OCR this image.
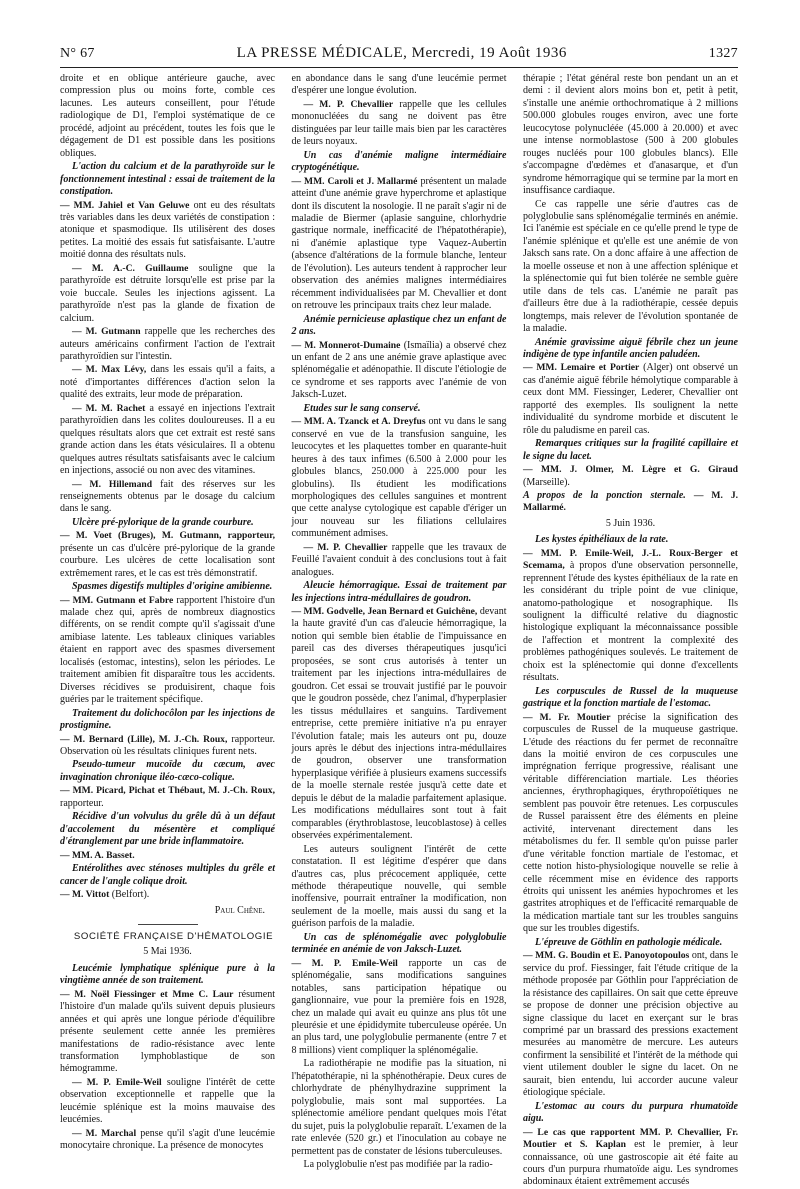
N° 67	LA PRESSE MÉDICALE, Mercredi, 19 Août 1936	1327

droite et en oblique antérieure gauche, avec compression plus ou moins forte, comble ces lacunes. Les auteurs conseillent, pour l'étude radiologique de D1, l'emploi systématique de ce procédé, adjoint au précédent, toutes les fois que le dégagement de D1 est possible dans les positions obliques.

L'action du calcium et de la parathyroïde sur le fonctionnement intestinal : essai de traitement de la constipation.

— MM. Jahiel et Van Geluwe ont eu des résultats très variables dans les deux variétés de constipation : atonique et spasmodique. Ils utilisèrent des doses petites. La moitié des essais fut satisfaisante. L'autre moitié donna des résultats nuls.

— M. A.-C. Guillaume souligne que la parathyroïde est détruite lorsqu'elle est prise par la voie buccale. Seules les injections agissent. La parathyroïde n'est pas la glande de fixation de calcium.

— M. Gutmann rappelle que les recherches des auteurs américains confirment l'action de l'extrait parathyroïdien sur l'intestin.

— M. Max Lévy, dans les essais qu'il a faits, a noté d'importantes différences d'action selon la qualité des extraits, leur mode de préparation.

— M. M. Rachet a essayé en injections l'extrait parathyroïdien dans les colites douloureuses. Il a eu quelques résultats alors que cet extrait est resté sans grande action dans les états vésiculaires. Il a obtenu quelques autres résultats satisfaisants avec le calcium en injections, associé ou non avec des vitamines.

— M. Hillemand fait des réserves sur les renseignements obtenus par le dosage du calcium dans le sang.

Ulcère pré-pylorique de la grande courbure.

— M. Voet (Bruges), M. Gutmann, rapporteur, présente un cas d'ulcère pré-pylorique de la grande courbure. Les ulcères de cette localisation sont extrêmement rares, et le cas est très démonstratif.

Spasmes digestifs multiples d'origine amibienne.

— MM. Gutmann et Fabre rapportent l'histoire d'un malade chez qui, après de nombreux diagnostics différents, on se rendit compte qu'il s'agissait d'une amibiase latente. Les tableaux cliniques variables étaient en rapport avec des spasmes diversement localisés (estomac, intestins), selon les périodes. Le traitement amibien fit disparaître tous les accidents. Diverses récidives se produisirent, chaque fois guéries par le traitement spécifique.

Traitement du dolichocôlon par les injections de prostigmine.

— M. Bernard (Lille), M. J.-Ch. Roux, rapporteur. Observation où les résultats cliniques furent nets.

Pseudo-tumeur mucoïde du cæcum, avec invagination chronique iléo-cæco-colique.

— MM. Picard, Pichat et Thébaut, M. J.-Ch. Roux, rapporteur.

Récidive d'un volvulus du grêle dû à un défaut d'accolement du mésentère et compliqué d'étranglement par une bride inflammatoire.

— MM. A. Basset.

Entérolithes avec sténoses multiples du grêle et cancer de l'angle colique droit.

— M. Vittot (Belfort).

Paul Chêne.

SOCIÉTÉ FRANÇAISE D'HÉMATOLOGIE

5 Mai 1936.

Leucémie lymphatique splénique pure à la vingtième année de son traitement.

— M. Noël Fiessinger et Mme C. Laur résument l'histoire d'un malade qu'ils suivent depuis plusieurs années et qui après une longue période d'équilibre présente seulement cette année les premières manifestations de radio-résistance avec lente transformation lymphoblastique de son hémogramme.

— M. P. Emile-Weil souligne l'intérêt de cette observation exceptionnelle et rappelle que la leucémie splénique est la moins mauvaise des leucémies.

— M. Marchal pense qu'il s'agit d'une leucémie monocytaire chronique. La présence de monocytes

en abondance dans le sang d'une leucémie permet d'espérer une longue évolution.

— M. P. Chevallier rappelle que les cellules mononucléées du sang ne doivent pas être distinguées par leur taille mais bien par les caractères de leurs noyaux.

Un cas d'anémie maligne intermédiaire cryptogénétique.

— MM. Caroli et J. Mallarmé présentent un malade atteint d'une anémie grave hyperchrome et aplastique dont ils discutent la nosologie. Il ne paraît s'agir ni de maladie de Biermer (aplasie sanguine, chlorhydrie gastrique normale, inefficacité de l'hépatothérapie), ni d'anémie aplastique type Vaquez-Aubertin (absence d'altérations de la formule blanche, lenteur de l'évolution). Les auteurs tendent à rapprocher leur observation des anémies malignes intermédiaires récemment individualisées par M. Chevallier et dont on retrouve les principaux traits chez leur malade.

Anémie pernicieuse aplastique chez un enfant de 2 ans.

— M. Monnerot-Dumaine (Ismaïlia) a observé chez un enfant de 2 ans une anémie grave aplastique avec splénomégalie et adénopathie. Il discute l'étiologie de ce syndrome et ses rapports avec l'anémie de von Jaksch-Luzet.

Etudes sur le sang conservé.

— MM. A. Tzanck et A. Dreyfus ont vu dans le sang conservé en vue de la transfusion sanguine, les leucocytes et les plaquettes tomber en quarante-huit heures à des taux infimes (6.500 à 2.000 pour les globules blancs, 250.000 à 225.000 pour les globulins). Ils étudient les modifications morphologiques des cellules sanguines et montrent que cette analyse cytologique est capable d'ériger un jour nouveau sur les filiations cellulaires communément admises.

— M. P. Chevallier rappelle que les travaux de Feuillé l'avaient conduit à des conclusions tout à fait analogues.

Aleucie hémorragique. Essai de traitement par les injections intra-médullaires de goudron.

— MM. Godvelle, Jean Bernard et Guichêne, devant la haute gravité d'un cas d'aleucie hémorragique, la notion qui semble bien établie de l'impuissance en pareil cas des diverses thérapeutiques jusqu'ici proposées, se sont crus autorisés à tenter un traitement par les injections intra-médullaires de goudron. Cet essai se trouvait justifié par le pouvoir que le goudron possède, chez l'animal, d'hyperplasier les tissus médullaires et sanguins. Tardivement entreprise, cette première initiative n'a pu enrayer l'évolution fatale; mais les auteurs ont pu, douze jours après le début des injections intra-médullaires de goudron, observer une transformation hyperplasique vérifiée à plusieurs examens successifs de la moelle sternale restée jusqu'à cette date et depuis le début de la maladie parfaitement aplasique. Les modifications médullaires sont tout à fait comparables (érythroblastose, leucoblastose) à celles observées expérimentalement.

Les auteurs soulignent l'intérêt de cette constatation. Il est légitime d'espérer que dans d'autres cas, plus précocement appliquée, cette méthode thérapeutique nouvelle, qui semble inoffensive, pourrait entraîner la modification, non seulement de la moelle, mais aussi du sang et la guérison parfois de la maladie.

Un cas de splénomégalie avec polyglobulie terminée en anémie de von Jaksch-Luzet.

— M. P. Emile-Weil rapporte un cas de splénomégalie, sans modifications sanguines notables, sans participation hépatique ou ganglionnaire, vue pour la première fois en 1928, chez un malade qui avait eu quinze ans plus tôt une pleurésie et une épididymite tuberculeuse opérée. Un an plus tard, une polyglobulie permanente (entre 7 et 8 millions) vient compliquer la splénomégalie.

La radiothérapie ne modifie pas la situation, ni l'hépatothérapie, ni la sphénothérapie. Deux cures de chlorhydrate de phénylhydrazine suppriment la polyglobulie, mais sont mal supportées. La splénectomie améliore pendant quelques mois l'état du sujet, puis la polyglobulie reparaît. L'examen de la rate enlevée (520 gr.) et l'inoculation au cobaye ne permettent pas de constater de lésions tuberculeuses.

La polyglobulie n'est pas modifiée par la radio-

thérapie ; l'état général reste bon pendant un an et demi : il devient alors moins bon et, petit à petit, s'installe une anémie orthochromatique à 2 millions 500.000 globules rouges environ, avec une forte leucocytose polynucléée (45.000 à 20.000) et avec une intense normoblastose (500 à 200 globules rouges nucléés pour 100 globules blancs). Elle s'accompagne d'œdèmes et d'anasarque, et d'un syndrome hémorragique qui se termine par la mort en insuffisance cardiaque.

Ce cas rappelle une série d'autres cas de polyglobulie sans splénomégalie terminés en anémie. Ici l'anémie est spéciale en ce qu'elle prend le type de l'anémie splénique et qu'elle est une anémie de von Jaksch sans rate. On a donc affaire à une affection de la moelle osseuse et non à une affection splénique et la splénectomie qui fut bien tolérée ne semble guère utile dans de tels cas. L'anémie ne paraît pas d'ailleurs être due à la radiothérapie, cessée depuis longtemps, mais relever de l'évolution spontanée de la maladie.

Anémie gravissime aiguë fébrile chez un jeune indigène de type infantile ancien paludéen.

— MM. Lemaire et Portier (Alger) ont observé un cas d'anémie aiguë fébrile hémolytique comparable à ceux dont MM. Fiessinger, Lederer, Chevallier ont rapporté des exemples. Ils soulignent la nette individualité du syndrome morbide et discutent le rôle du paludisme en pareil cas.

Remarques critiques sur la fragilité capillaire et le signe du lacet.

— MM. J. Olmer, M. Lègre et G. Giraud (Marseille).

A propos de la ponction sternale. — M. J. Mallarmé.

5 Juin 1936.

Les kystes épithéliaux de la rate.

— MM. P. Emile-Weil, J.-L. Roux-Berger et Scemama, à propos d'une observation personnelle, reprennent l'étude des kystes épithéliaux de la rate en les considérant du triple point de vue clinique, anatomo-pathologique et nosographique. Ils soulignent la difficulté relative du diagnostic histologique expliquant la méconnaissance possible de l'affection et montrent la complexité des problèmes pathogéniques soulevés. Le traitement de choix est la splénectomie qui donne d'excellents résultats.

Les corpuscules de Russel de la muqueuse gastrique et la fonction martiale de l'estomac.

— M. Fr. Moutier précise la signification des corpuscules de Russel de la muqueuse gastrique. L'étude des réactions du fer permet de reconnaître dans la moitié environ de ces corpuscules une imprégnation ferrique progressive, réalisant une véritable différenciation martiale. Les théories anciennes, érythrophagiques, érythropoïétiques ne semblent pas pouvoir être retenues. Les corpuscules de Russel paraissent être des éléments en pleine activité, intervenant directement dans les métabolismes du fer. Il semble qu'on puisse parler d'une véritable fonction martiale de l'estomac, et cette notion histo-physiologique nouvelle se relie à celle récemment mise en évidence des rapports étroits qui unissent les anémies hypochromes et les gastrites atrophiques et de l'efficacité remarquable de la médication martiale tant sur les troubles sanguins que sur les troubles digestifs.

L'épreuve de Göthlin en pathologie médicale.

— MM. G. Boudin et E. Panoyotopoulos ont, dans le service du prof. Fiessinger, fait l'étude critique de la méthode proposée par Göthlin pour l'appréciation de la résistance des capillaires. On sait que cette épreuve se propose de donner une précision objective au signe classique du lacet en exerçant sur le bras comprimé par un brassard des pressions exactement mesurées au manomètre de mercure. Les auteurs confirment la sensibilité et l'intérêt de la méthode qui vient utilement doubler le signe du lacet. On ne saurait, bien entendu, lui accorder aucune valeur étiologique spéciale.

L'estomac au cours du purpura rhumatoïde aigu.

— Le cas que rapportent MM. P. Chevallier, Fr. Moutier et S. Kaplan est le premier, à leur connaissance, où une gastroscopie ait été faite au cours d'un purpura rhumatoïde aigu. Les syndromes abdominaux étaient extrêmement accusés
